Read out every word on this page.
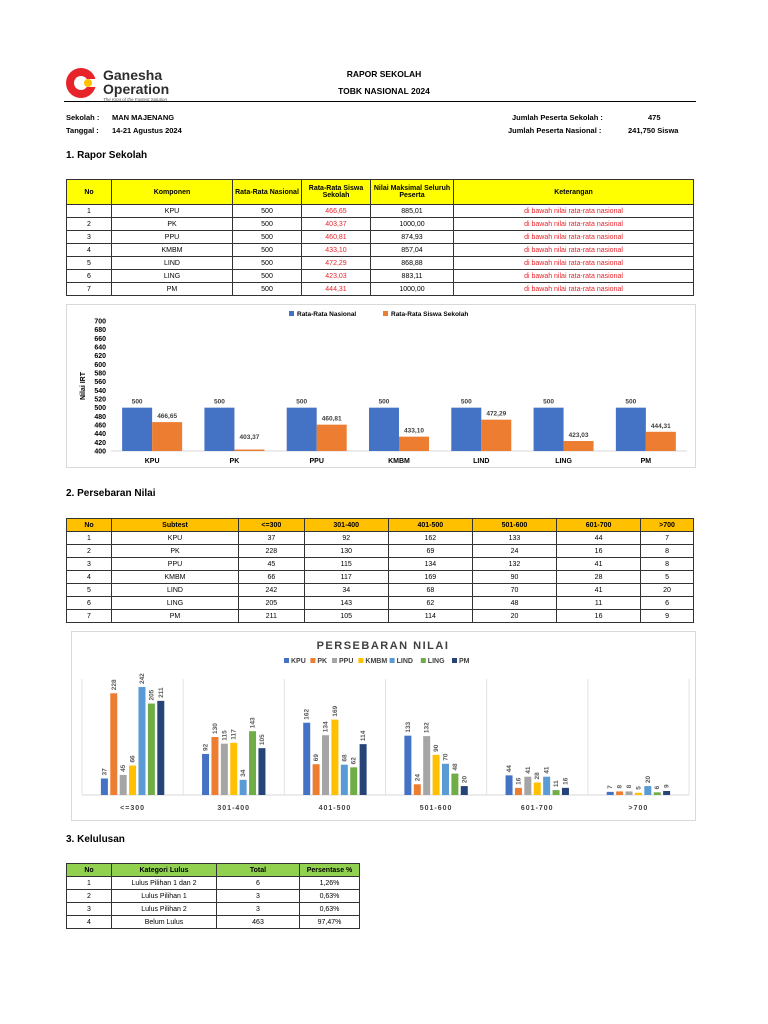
Ganesha
Operation
The King of the Fastest Solution
RAPOR SEKOLAH
TOBK NASIONAL 2024
Sekolah : MAN MAJENANG
Tanggal : 14-21 Agustus 2024
Jumlah Peserta Sekolah :	475
Jumlah Peserta Nasional :	241,750 Siswa
1. Rapor Sekolah
No	Komponen	Rata-Rata Nasional	Rata-Rata Siswa Sekolah	Nilai Maksimal Seluruh Peserta	Keterangan
1	KPU	500	466,65	885,01	di bawah nilai rata-rata nasional
2	PK	500	403,37	1000,00	di bawah nilai rata-rata nasional
3	PPU	500	460,81	874,93	di bawah nilai rata-rata nasional
4	KMBM	500	433,10	857,04	di bawah nilai rata-rata nasional
5	LIND	500	472,29	868,88	di bawah nilai rata-rata nasional
6	LING	500	423,03	883,11	di bawah nilai rata-rata nasional
7	PM	500	444,31	1000,00	di bawah nilai rata-rata nasional
400
420
440
460
480
500
520
540
560
580
600
620
640
660
680
700
Nilai IRT
Rata-Rata Nasional	Rata-Rata Siswa Sekolah
500
466,65
KPU
500
403,37
PK
500
460,81
PPU
500
433,10
KMBM
500
472,29
LIND
500
423,03
LING
500
444,31
PM
2. Persebaran Nilai
No	Subtest	<=300	301-400	401-500	501-600	601-700	>700
1	KPU	37	92	162	133	44	7
2	PK	228	130	69	24	16	8
3	PPU	45	115	134	132	41	8
4	KMBM	66	117	169	90	28	5
5	LIND	242	34	68	70	41	20
6	LING	205	143	62	48	11	6
7	PM	211	105	114	20	16	9
PERSEBARAN NILAI
KPU PK PPU KMBM LIND LING PM
37
228
45
66
242
205 211
<=300
92
130
115 117
34
143
105
301-400
162
69
134
169
68 62
114
401-500
133
24
132
90
70
48
20
501-600
44
16
41
28
41
11 16
601-700
7 8 8 5
20
6 9
>700
3. Kelulusan
No	Kategori Lulus	Total	Persentase %
1	Lulus Pilihan 1 dan 2	6	1,26%
2	Lulus Pilihan 1	3	0,63%
3	Lulus Pilihan 2	3	0,63%
4	Belum Lulus	463	97,47%
